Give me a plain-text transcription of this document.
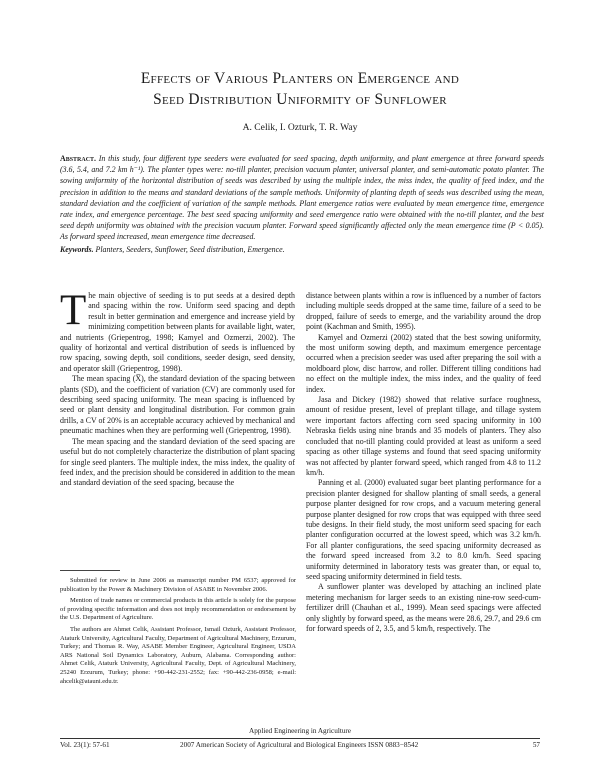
Effects of Various Planters on Emergence and
Seed Distribution Uniformity of Sunflower
A. Celik, I. Ozturk, T. R. Way
Abstract. In this study, four different type seeders were evaluated for seed spacing, depth uniformity, and plant emergence at three forward speeds (3.6, 5.4, and 7.2 km h⁻¹). The planter types were: no-till planter, precision vacuum planter, universal planter, and semi-automatic potato planter. The sowing uniformity of the horizontal distribution of seeds was described by using the multiple index, the miss index, the quality of feed index, and the precision in addition to the means and standard deviations of the sample methods. Uniformity of planting depth of seeds was described using the mean, standard deviation and the coefficient of variation of the sample methods. Plant emergence ratios were evaluated by mean emergence time, emergence rate index, and emergence percentage. The best seed spacing uniformity and seed emergence ratio were obtained with the no-till planter, and the best seed depth uniformity was obtained with the precision vacuum planter. Forward speed significantly affected only the mean emergence time (P < 0.05). As forward speed increased, mean emergence time decreased.
Keywords. Planters, Seeders, Sunflower, Seed distribution, Emergence.

The main objective of seeding is to put seeds at a desired depth and spacing within the row. Uniform seed spacing and depth result in better germination and emergence and increase yield by minimizing competition between plants for available light, water, and nutrients (Griepentrog, 1998; Kamyel and Ozmerzi, 2002). The quality of horizontal and vertical distribution of seeds is influenced by row spacing, sowing depth, soil conditions, seeder design, seed density, and operator skill (Griepentrog, 1998).

The mean spacing (X̅), the standard deviation of the spacing between plants (SD), and the coefficient of variation (CV) are commonly used for describing seed spacing uniformity. The mean spacing is influenced by seed or plant density and longitudinal distribution. For common grain drills, a CV of 20% is an acceptable accuracy achieved by mechanical and pneumatic machines when they are performing well (Griepentrog, 1998).

The mean spacing and the standard deviation of the seed spacing are useful but do not completely characterize the distribution of plant spacing for single seed planters. The multiple index, the miss index, the quality of feed index, and the precision should be considered in addition to the mean and standard deviation of the seed spacing, because the

Submitted for review in June 2006 as manuscript number PM 6537; approved for publication by the Power & Machinery Division of ASABE in November 2006.

Mention of trade names or commercial products in this article is solely for the purpose of providing specific information and does not imply recommendation or endorsement by the U.S. Department of Agriculture.

The authors are Ahmet Celik, Assistant Professor, Ismail Ozturk, Assistant Professor, Ataturk University, Agricultural Faculty, Department of Agricultural Machinery, Erzurum, Turkey; and Thomas R. Way, ASABE Member Engineer, Agricultural Engineer, USDA ARS National Soil Dynamics Laboratory, Auburn, Alabama. Corresponding author: Ahmet Celik, Ataturk University, Agricultural Faculty, Dept. of Agricultural Machinery, 25240 Erzurum, Turkey; phone: +90-442-231-2552; fax: +90-442-236-0958; e-mail: ahcelik@atauni.edu.tr.

distance between plants within a row is influenced by a number of factors including multiple seeds dropped at the same time, failure of a seed to be dropped, failure of seeds to emerge, and the variability around the drop point (Kachman and Smith, 1995).

Kamyel and Ozmerzi (2002) stated that the best sowing uniformity, the most uniform sowing depth, and maximum emergence percentage occurred when a precision seeder was used after preparing the soil with a moldboard plow, disc harrow, and roller. Different tilling conditions had no effect on the multiple index, the miss index, and the quality of feed index.

Jasa and Dickey (1982) showed that relative surface roughness, amount of residue present, level of preplant tillage, and tillage system were important factors affecting corn seed spacing uniformity in 100 Nebraska fields using nine brands and 35 models of planters. They also concluded that no-till planting could provided at least as uniform a seed spacing as other tillage systems and found that seed spacing uniformity was not affected by planter forward speed, which ranged from 4.8 to 11.2 km/h.

Panning et al. (2000) evaluated sugar beet planting performance for a precision planter designed for shallow planting of small seeds, a general purpose planter designed for row crops, and a vacuum metering general purpose planter designed for row crops that was equipped with three seed tube designs. In their field study, the most uniform seed spacing for each planter configuration occurred at the lowest speed, which was 3.2 km/h. For all planter configurations, the seed spacing uniformity decreased as the forward speed increased from 3.2 to 8.0 km/h. Seed spacing uniformity determined in laboratory tests was greater than, or equal to, seed spacing uniformity determined in field tests.

A sunflower planter was developed by attaching an inclined plate metering mechanism for larger seeds to an existing nine-row seed-cum-fertilizer drill (Chauhan et al., 1999). Mean seed spacings were affected only slightly by forward speed, as the means were 28.6, 29.7, and 29.6 cm for forward speeds of 2, 3.5, and 5 km/h, respectively. The

Applied Engineering in Agriculture
Vol. 23(1): 57-61	2007 American Society of Agricultural and Biological Engineers ISSN 0883−8542	57
